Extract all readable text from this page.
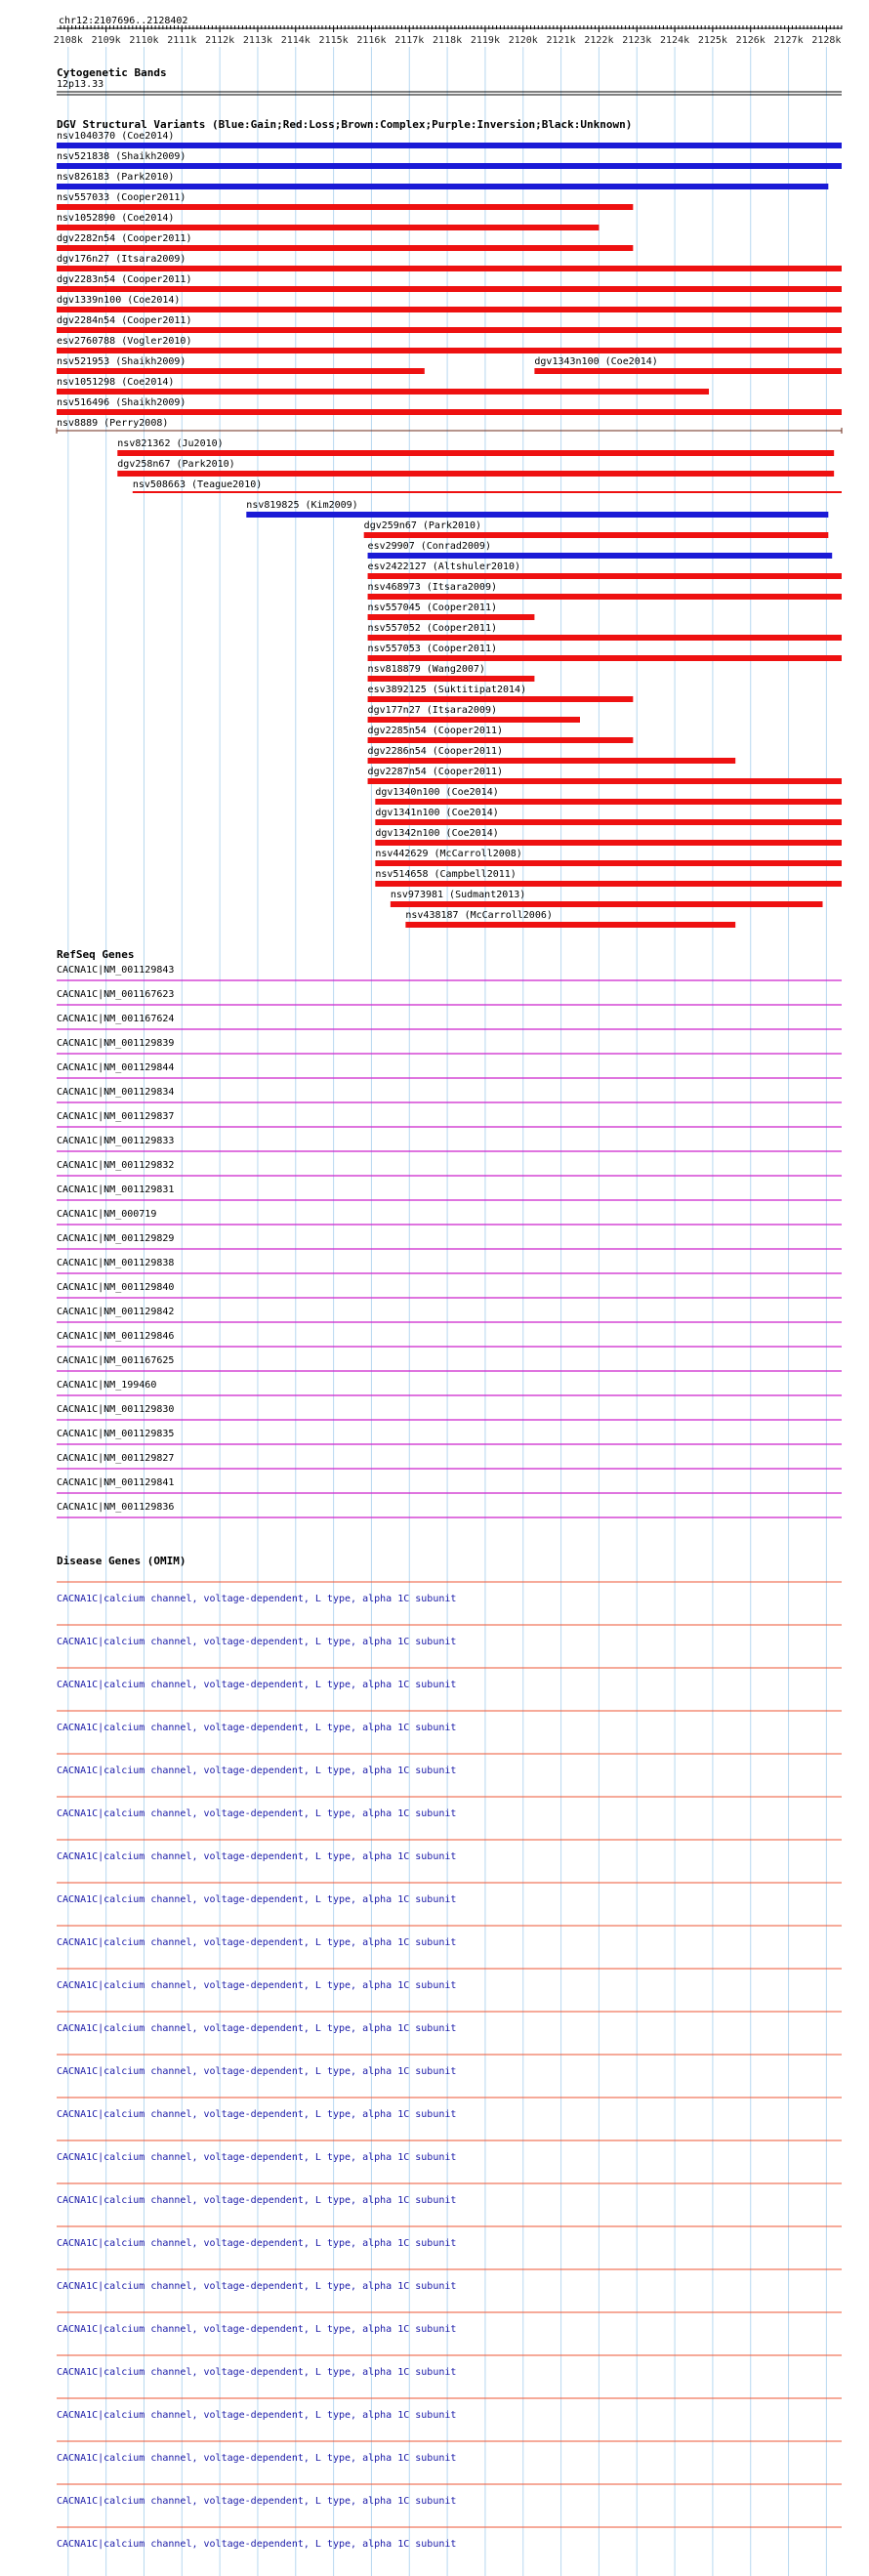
chr12:2107696..2128402
2108k 2109k 2110k 2111k 2112k 2113k 2114k 2115k 2116k 2117k 2118k 2119k 2120k 2121k 2122k 2123k 2124k 2125k 2126k 2127k 2128k
Cytogenetic Bands
12p13.33
DGV Structural Variants (Blue:Gain;Red:Loss;Brown:Complex;Purple:Inversion;Black:Unknown)
nsv1040370 (Coe2014)
nsv521838 (Shaikh2009)
nsv826183 (Park2010)
nsv557033 (Cooper2011)
nsv1052890 (Coe2014)
dgv2282n54 (Cooper2011)
dgv176n27 (Itsara2009)
dgv2283n54 (Cooper2011)
dgv1339n100 (Coe2014)
dgv2284n54 (Cooper2011)
esv2760788 (Vogler2010)
nsv521953 (Shaikh2009)	dgv1343n100 (Coe2014)
nsv1051298 (Coe2014)
nsv516496 (Shaikh2009)
nsv8889 (Perry2008)
nsv821362 (Ju2010)
dgv258n67 (Park2010)
nsv508663 (Teague2010)
nsv819825 (Kim2009)
dgv259n67 (Park2010)
esv29907 (Conrad2009)
esv2422127 (Altshuler2010)
nsv468973 (Itsara2009)
nsv557045 (Cooper2011)
nsv557052 (Cooper2011)
nsv557053 (Cooper2011)
nsv818879 (Wang2007)
esv3892125 (Suktitipat2014)
dgv177n27 (Itsara2009)
dgv2285n54 (Cooper2011)
dgv2286n54 (Cooper2011)
dgv2287n54 (Cooper2011)
dgv1340n100 (Coe2014)
dgv1341n100 (Coe2014)
dgv1342n100 (Coe2014)
nsv442629 (McCarroll2008)
nsv514658 (Campbell2011)
nsv973981 (Sudmant2013)
nsv438187 (McCarroll2006)
RefSeq Genes
CACNA1C|NM_001129843
CACNA1C|NM_001167623
CACNA1C|NM_001167624
CACNA1C|NM_001129839
CACNA1C|NM_001129844
CACNA1C|NM_001129834
CACNA1C|NM_001129837
CACNA1C|NM_001129833
CACNA1C|NM_001129832
CACNA1C|NM_001129831
CACNA1C|NM_000719
CACNA1C|NM_001129829
CACNA1C|NM_001129838
CACNA1C|NM_001129840
CACNA1C|NM_001129842
CACNA1C|NM_001129846
CACNA1C|NM_001167625
CACNA1C|NM_199460
CACNA1C|NM_001129830
CACNA1C|NM_001129835
CACNA1C|NM_001129827
CACNA1C|NM_001129841
CACNA1C|NM_001129836
Disease Genes (OMIM)
CACNA1C|calcium channel, voltage-dependent, L type, alpha 1C subunit
CACNA1C|calcium channel, voltage-dependent, L type, alpha 1C subunit
CACNA1C|calcium channel, voltage-dependent, L type, alpha 1C subunit
CACNA1C|calcium channel, voltage-dependent, L type, alpha 1C subunit
CACNA1C|calcium channel, voltage-dependent, L type, alpha 1C subunit
CACNA1C|calcium channel, voltage-dependent, L type, alpha 1C subunit
CACNA1C|calcium channel, voltage-dependent, L type, alpha 1C subunit
CACNA1C|calcium channel, voltage-dependent, L type, alpha 1C subunit
CACNA1C|calcium channel, voltage-dependent, L type, alpha 1C subunit
CACNA1C|calcium channel, voltage-dependent, L type, alpha 1C subunit
CACNA1C|calcium channel, voltage-dependent, L type, alpha 1C subunit
CACNA1C|calcium channel, voltage-dependent, L type, alpha 1C subunit
CACNA1C|calcium channel, voltage-dependent, L type, alpha 1C subunit
CACNA1C|calcium channel, voltage-dependent, L type, alpha 1C subunit
CACNA1C|calcium channel, voltage-dependent, L type, alpha 1C subunit
CACNA1C|calcium channel, voltage-dependent, L type, alpha 1C subunit
CACNA1C|calcium channel, voltage-dependent, L type, alpha 1C subunit
CACNA1C|calcium channel, voltage-dependent, L type, alpha 1C subunit
CACNA1C|calcium channel, voltage-dependent, L type, alpha 1C subunit
CACNA1C|calcium channel, voltage-dependent, L type, alpha 1C subunit
CACNA1C|calcium channel, voltage-dependent, L type, alpha 1C subunit
CACNA1C|calcium channel, voltage-dependent, L type, alpha 1C subunit
CACNA1C|calcium channel, voltage-dependent, L type, alpha 1C subunit
